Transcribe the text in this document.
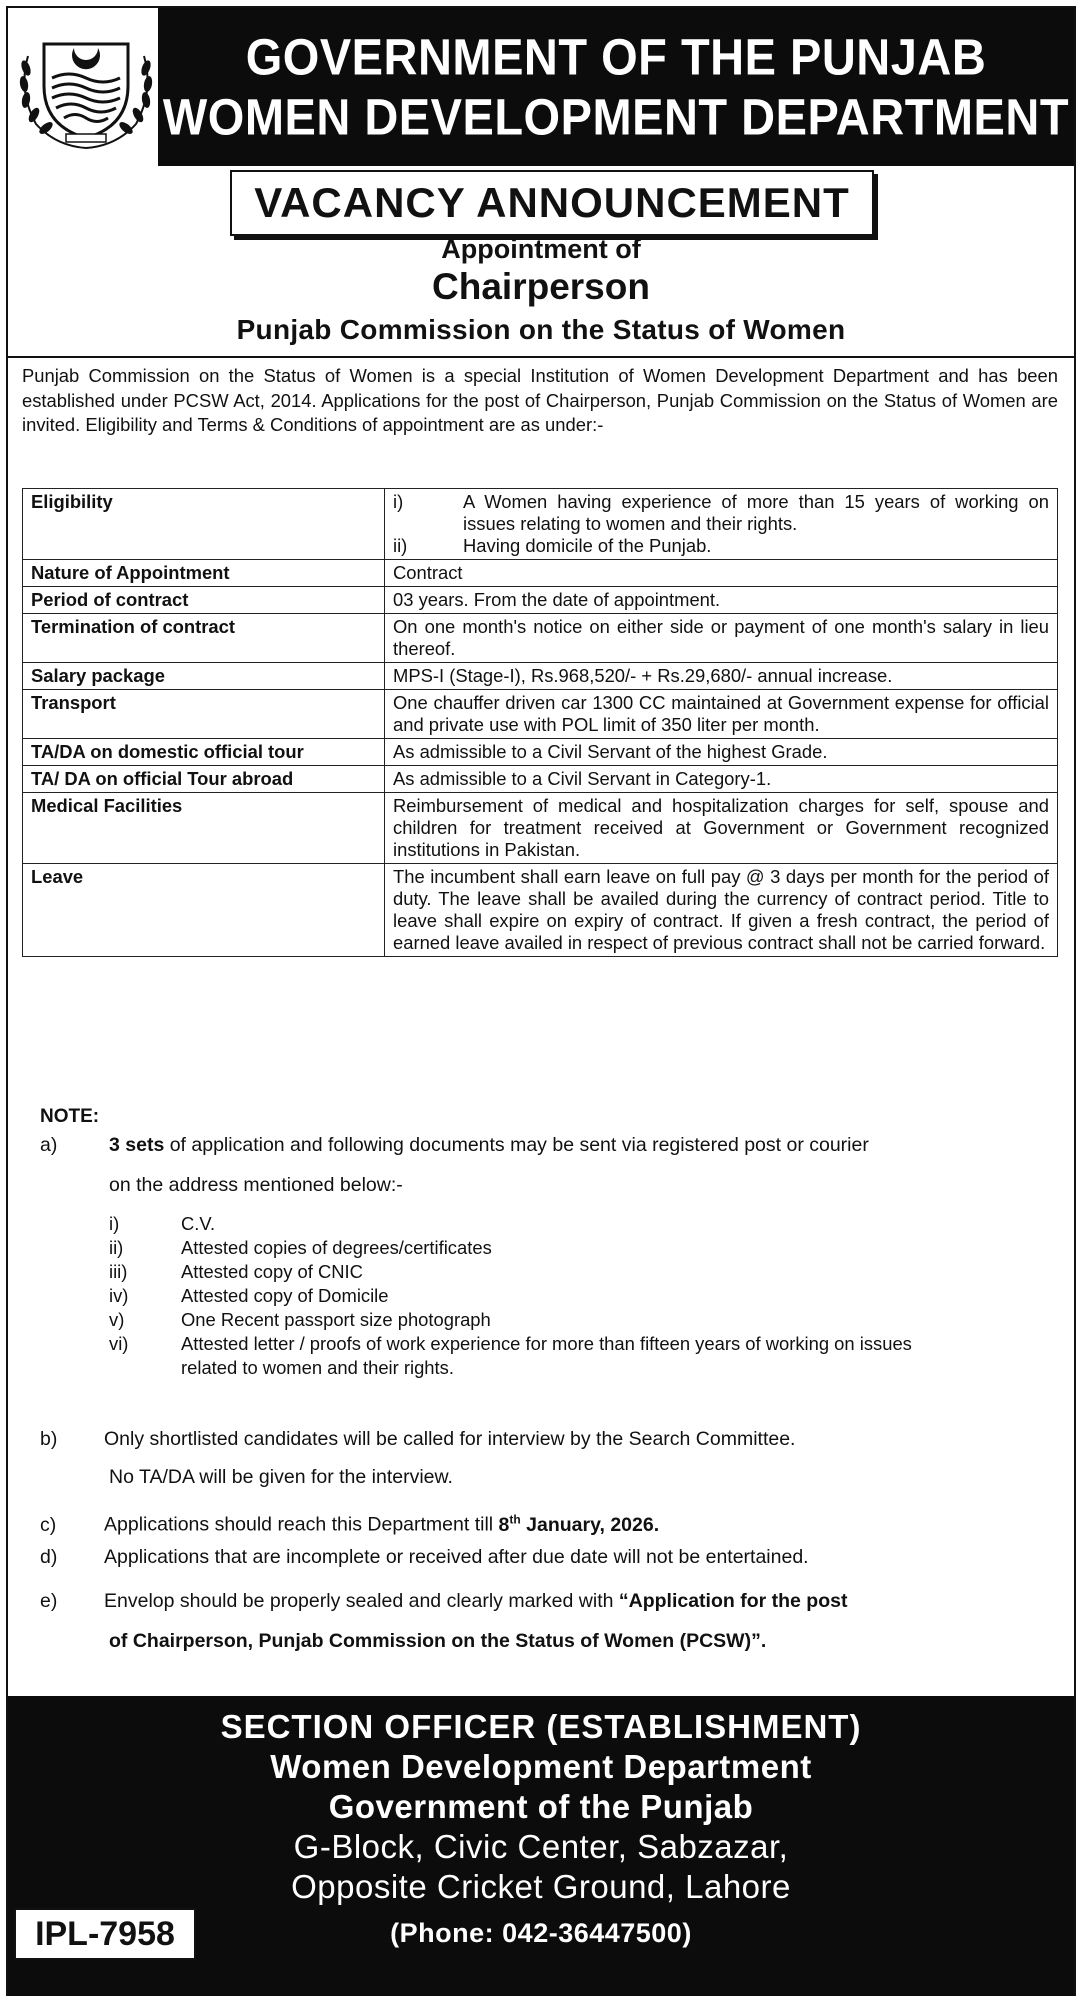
GOVERNMENT OF THE PUNJAB
WOMEN DEVELOPMENT DEPARTMENT
VACANCY ANNOUNCEMENT
Appointment of
Chairperson
Punjab Commission on the Status of Women
Punjab Commission on the Status of Women is a special Institution of Women Development Department and has been established under PCSW Act, 2014. Applications for the post of Chairperson, Punjab Commission on the Status of Women are invited. Eligibility and Terms & Conditions of appointment are as under:-
Eligibility	i) A Women having experience of more than 15 years of working on issues relating to women and their rights.
ii) Having domicile of the Punjab.

Nature of Appointment	Contract
Period of contract	03 years. From the date of appointment.
Termination of contract	On one month's notice on either side or payment of one month's salary in lieu thereof.
Salary package	MPS-I (Stage-I), Rs.968,520/- + Rs.29,680/- annual increase.
Transport	One chauffer driven car 1300 CC maintained at Government expense for official and private use with POL limit of 350 liter per month.
TA/DA on domestic official tour	As admissible to a Civil Servant of the highest Grade.
TA/ DA on official Tour abroad	As admissible to a Civil Servant in Category-1.
Medical Facilities	Reimbursement of medical and hospitalization charges for self, spouse and children for treatment received at Government or Government recognized institutions in Pakistan.
Leave	The incumbent shall earn leave on full pay @ 3 days per month for the period of duty. The leave shall be availed during the currency of contract period. Title to leave shall expire on expiry of contract. If given a fresh contract, the period of earned leave availed in respect of previous contract shall not be carried forward.
NOTE:
a)	3 sets of application and following documents may be sent via registered post or courier
on the address mentioned below:-
i)	C.V.
ii)	Attested copies of degrees/certificates
iii)	Attested copy of CNIC
iv)	Attested copy of Domicile
v)	One Recent passport size photograph
vi)	Attested letter / proofs of work experience for more than fifteen years of working on issues
related to women and their rights.
b) Only shortlisted candidates will be called for interview by the Search Committee.
No TA/DA will be given for the interview.
c) Applications should reach this Department till 8th January, 2026.
d) Applications that are incomplete or received after due date will not be entertained.
e) Envelop should be properly sealed and clearly marked with “Application for the post
of Chairperson, Punjab Commission on the Status of Women (PCSW)”.
SECTION OFFICER (ESTABLISHMENT)
Women Development Department
Government of the Punjab
G-Block, Civic Center, Sabzazar,
Opposite Cricket Ground, Lahore
(Phone: 042-36447500)
IPL-7958
